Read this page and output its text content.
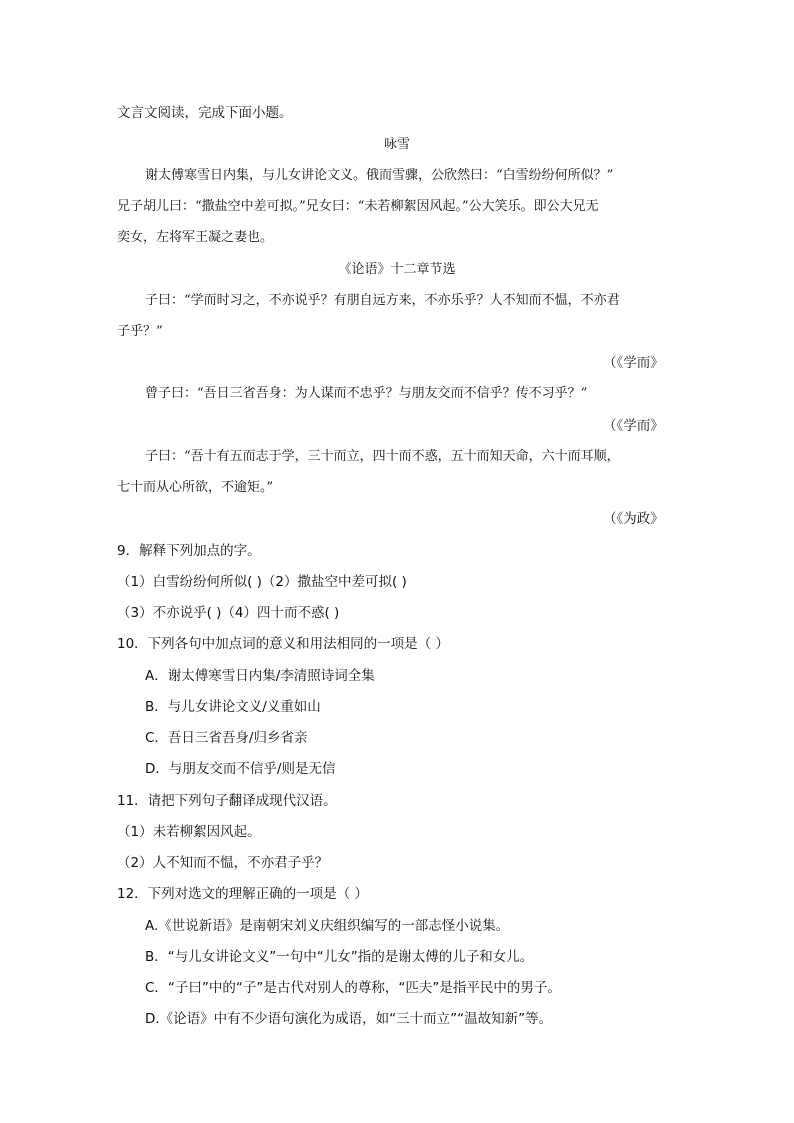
文言文阅读，完成下面小题。
咏雪
谢太傅寒雪日内集，与儿女讲论文义。俄而雪骤，公欣然曰：“白雪纷纷何所似？”
兄子胡儿曰：“撒盐空中差可拟。”兄女曰：“未若柳絮因风起。”公大笑乐。即公大兄无
奕女，左将军王凝之妻也。
《论语》十二章节选
子曰：“学而时习之，不亦说乎？有朋自远方来，不亦乐乎？人不知而不愠，不亦君
子乎？”
（《学而》
曾子曰：“吾日三省吾身：为人谋而不忠乎？与朋友交而不信乎？传不习乎？”
（《学而》
子曰：“吾十有五而志于学，三十而立，四十而不惑，五十而知天命，六十而耳顺，
七十而从心所欲，不逾矩。”
（《为政》
9．解释下列加点的字。
（1）白雪纷纷何所似( )（2）撒盐空中差可拟( )
（3）不亦说乎( )（4）四十而不惑( )
10．下列各句中加点词的意义和用法相同的一项是（ ）
A．谢太傅寒雪日内集/李清照诗词全集
B．与儿女讲论文义/义重如山
C．吾日三省吾身/归乡省亲
D．与朋友交而不信乎/则是无信
11．请把下列句子翻译成现代汉语。
（1）未若柳絮因风起。
（2）人不知而不愠，不亦君子乎？
12．下列对选文的理解正确的一项是（ ）
A.《世说新语》是南朝宋刘义庆组织编写的一部志怪小说集。
B．“与儿女讲论文义”一句中“儿女”指的是谢太傅的儿子和女儿。
C．“子曰”中的“子”是古代对别人的尊称，“匹夫”是指平民中的男子。
D.《论语》中有不少语句演化为成语，如“三十而立”“温故知新”等。
